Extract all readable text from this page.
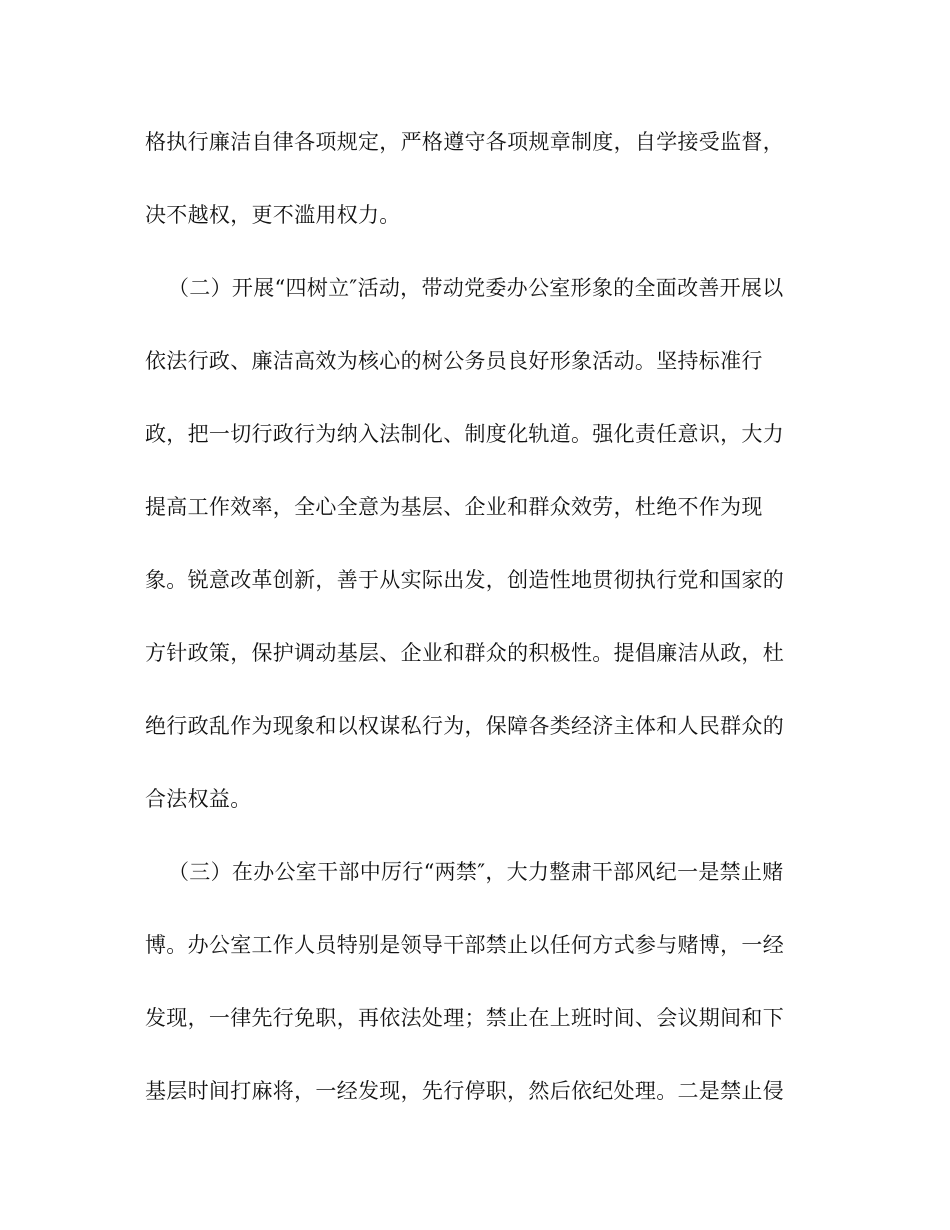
格执行廉洁自律各项规定，严格遵守各项规章制度，自学接受监督，

决不越权，更不滥用权力。

（二）开展“四树立″活动，带动党委办公室形象的全面改善开展以

依法行政、廉洁高效为核心的树公务员良好形象活动。坚持标准行

政，把一切行政行为纳入法制化、制度化轨道。强化责任意识，大力

提高工作效率，全心全意为基层、企业和群众效劳，杜绝不作为现

象。锐意改革创新，善于从实际出发，创造性地贯彻执行党和国家的

方针政策，保护调动基层、企业和群众的积极性。提倡廉洁从政，杜

绝行政乱作为现象和以权谋私行为，保障各类经济主体和人民群众的

合法权益。

（三）在办公室干部中厉行“两禁″，大力整肃干部风纪一是禁止赌

博。办公室工作人员特别是领导干部禁止以任何方式参与赌博，一经

发现，一律先行免职，再依法处理；禁止在上班时间、会议期间和下

基层时间打麻将，一经发现，先行停职，然后依纪处理。二是禁止侵
